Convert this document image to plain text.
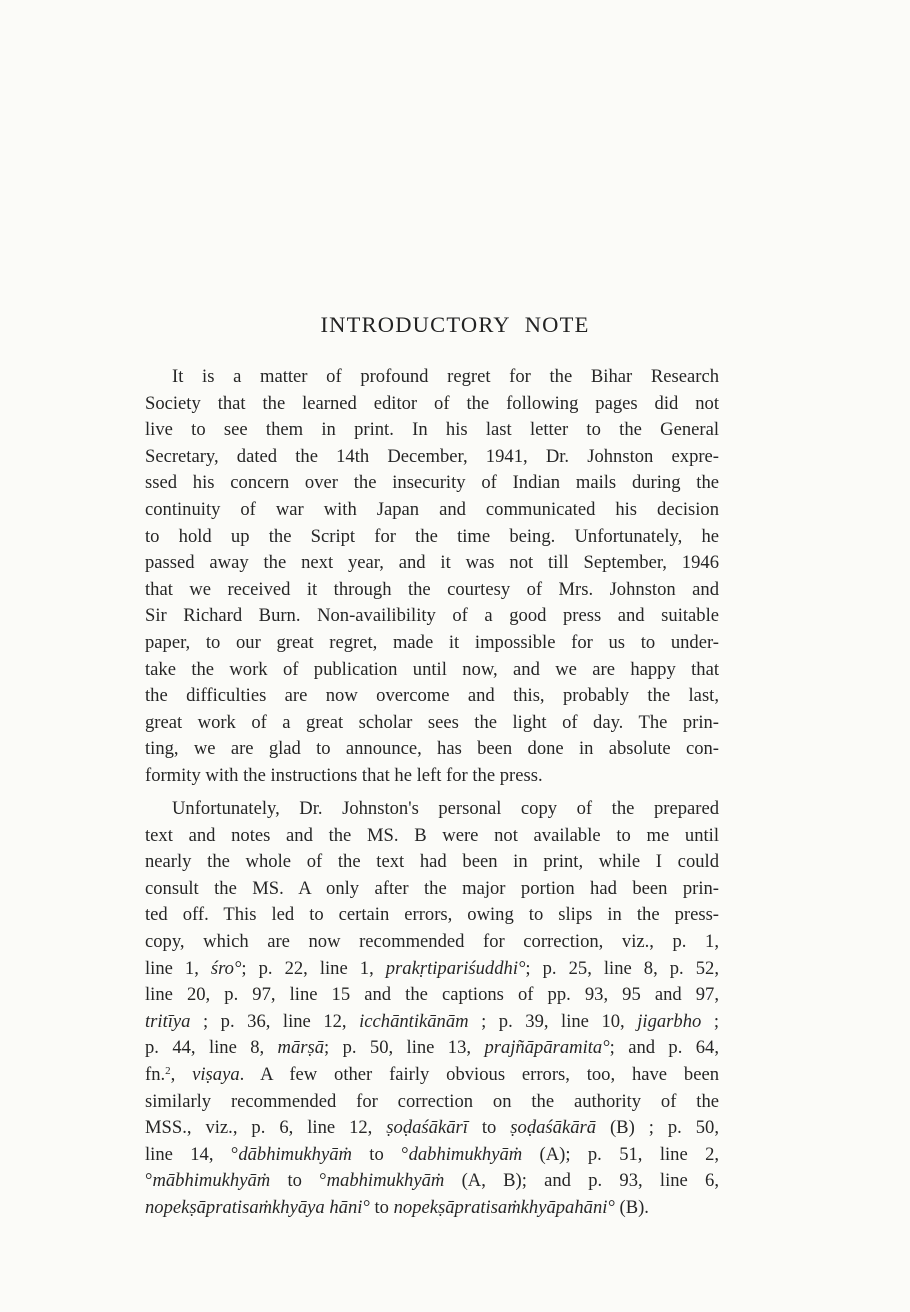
INTRODUCTORY NOTE
It is a matter of profound regret for the Bihar Research
Society that the learned editor of the following pages did not
live to see them in print. In his last letter to the General
Secretary, dated the 14th December, 1941, Dr. Johnston expre-
ssed his concern over the insecurity of Indian mails during the
continuity of war with Japan and communicated his decision
to hold up the Script for the time being. Unfortunately, he
passed away the next year, and it was not till September, 1946
that we received it through the courtesy of Mrs. Johnston and
Sir Richard Burn. Non-availibility of a good press and suitable
paper, to our great regret, made it impossible for us to under-
take the work of publication until now, and we are happy that
the difficulties are now overcome and this, probably the last,
great work of a great scholar sees the light of day. The prin-
ting, we are glad to announce, has been done in absolute con-
formity with the instructions that he left for the press.
Unfortunately, Dr. Johnston's personal copy of the prepared
text and notes and the MS. B were not available to me until
nearly the whole of the text had been in print, while I could
consult the MS. A only after the major portion had been prin-
ted off. This led to certain errors, owing to slips in the press-
copy, which are now recommended for correction, viz., p. 1,
line 1, śro°; p. 22, line 1, prakṛtipariśuddhi°; p. 25, line 8, p. 52,
line 20, p. 97, line 15 and the captions of pp. 93, 95 and 97,
tritīya ; p. 36, line 12, icchāntikānām ; p. 39, line 10, jigarbho ;
p. 44, line 8, mārṣā; p. 50, line 13, prajñāpāramita°; and p. 64,
fn.$^2$, viṣaya. A few other fairly obvious errors, too, have been
similarly recommended for correction on the authority of the
MSS., viz., p. 6, line 12, ṣoḍaśākārī to ṣoḍaśākārā (B) ; p. 50,
line 14, °dābhimukhyāṁ to °dabhimukhyāṁ (A); p. 51, line 2,
°mābhimukhyāṁ to °mabhimukhyāṁ (A, B); and p. 93, line 6,
nopekṣāpratisaṁkhyāya hāni° to nopekṣāpratisaṁkhyāpahāni° (B).
